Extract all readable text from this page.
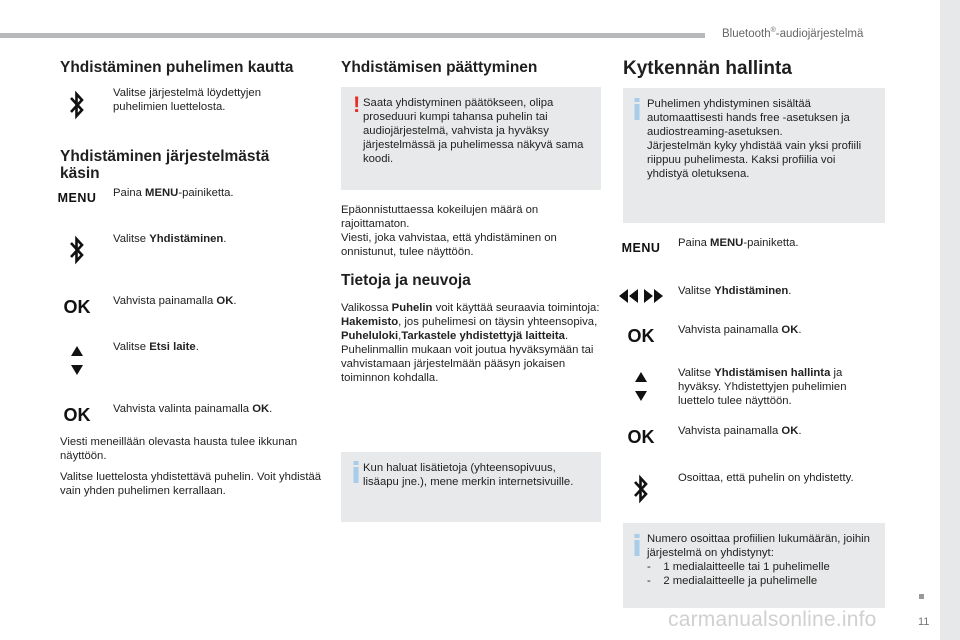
Bluetooth®-audiojärjestelmä
11
carmanualsonline.info
Yhdistäminen puhelimen kautta
Valitse järjestelmä löydettyjen puhelimien luettelosta.
Yhdistäminen järjestelmästä
käsin
MENU Paina MENU-painiketta.
Valitse Yhdistäminen.
OK Vahvista painamalla OK.
Valitse Etsi laite.
OK Vahvista valinta painamalla OK.
Viesti meneillään olevasta hausta tulee ikkunan näyttöön.
Valitse luettelosta yhdistettävä puhelin. Voit yhdistää vain yhden puhelimen kerrallaan.
Yhdistämisen päättyminen
! Saata yhdistyminen päätökseen, olipa proseduuri kumpi tahansa puhelin tai audiojärjestelmä, vahvista ja hyväksy järjestelmässä ja puhelimessa näkyvä sama koodi.
Epäonnistuttaessa kokeilujen määrä on rajoittamaton.
Viesti, joka vahvistaa, että yhdistäminen on onnistunut, tulee näyttöön.
Tietoja ja neuvoja
Valikossa Puhelin voit käyttää seuraavia toimintoja: Hakemisto, jos puhelimesi on täysin yhteensopiva, Puheluloki,Tarkastele yhdistettyjä laitteita.
Puhelinmallin mukaan voit joutua hyväksymään tai vahvistamaan järjestelmään pääsyn jokaisen toiminnon kohdalla.
Kun haluat lisätietoja (yhteensopivuus, lisäapu jne.), mene merkin internetsivuille.
Kytkennän hallinta
Puhelimen yhdistyminen sisältää automaattisesti hands free -asetuksen ja audiostreaming-asetuksen.
Järjestelmän kyky yhdistää vain yksi profiili riippuu puhelimesta. Kaksi profiilia voi yhdistyä oletuksena.
MENU Paina MENU-painiketta.
Valitse Yhdistäminen.
OK Vahvista painamalla OK.
Valitse Yhdistämisen hallinta ja hyväksy. Yhdistettyjen puhelimien luettelo tulee näyttöön.
OK Vahvista painamalla OK.
Osoittaa, että puhelin on yhdistetty.
Numero osoittaa profiilien lukumäärän, joihin järjestelmä on yhdistynyt:
-    1 medialaitteelle tai 1 puhelimelle
-    2 medialaitteelle ja puhelimelle
